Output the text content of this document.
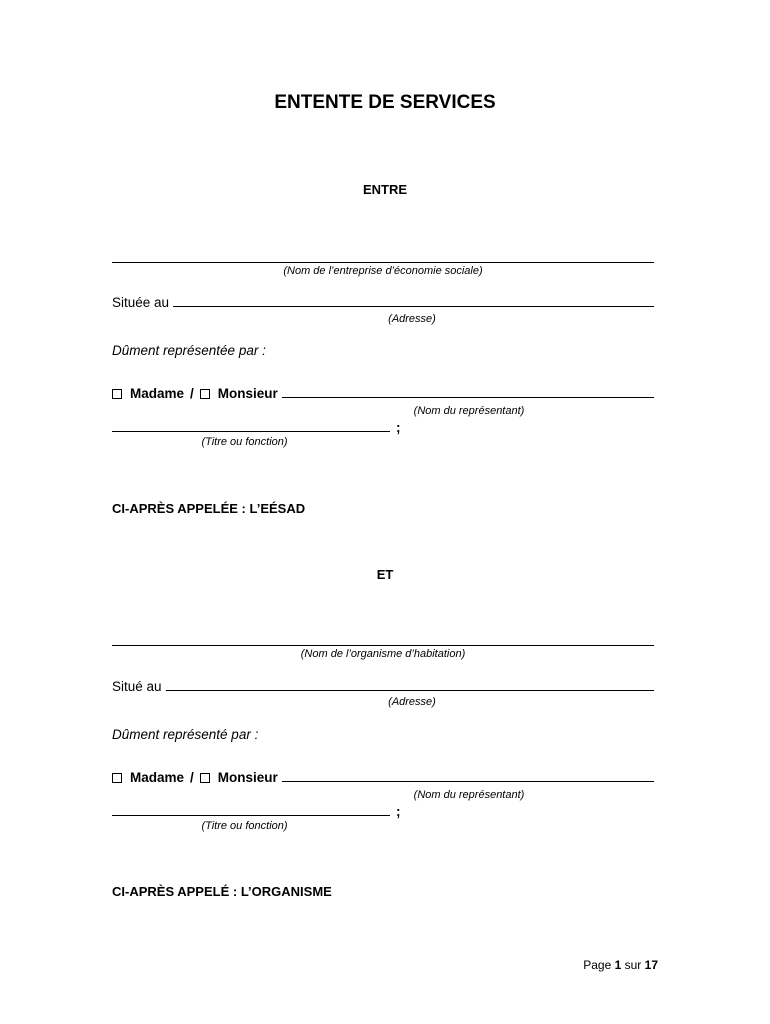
ENTENTE DE SERVICES
ENTRE
(Nom de l’entreprise d’économie sociale)
Située au
(Adresse)
Dûment représentée par :
Madame / Monsieur
(Nom du représentant)
;
(Titre ou fonction)
CI-APRÈS APPELÉE : L’EÉSAD
ET
(Nom de l’organisme d’habitation)
Situé au
(Adresse)
Dûment représenté par :
Madame / Monsieur
(Nom du représentant)
;
(Titre ou fonction)
CI-APRÈS APPELÉ : L’ORGANISME
Page 1 sur 17
